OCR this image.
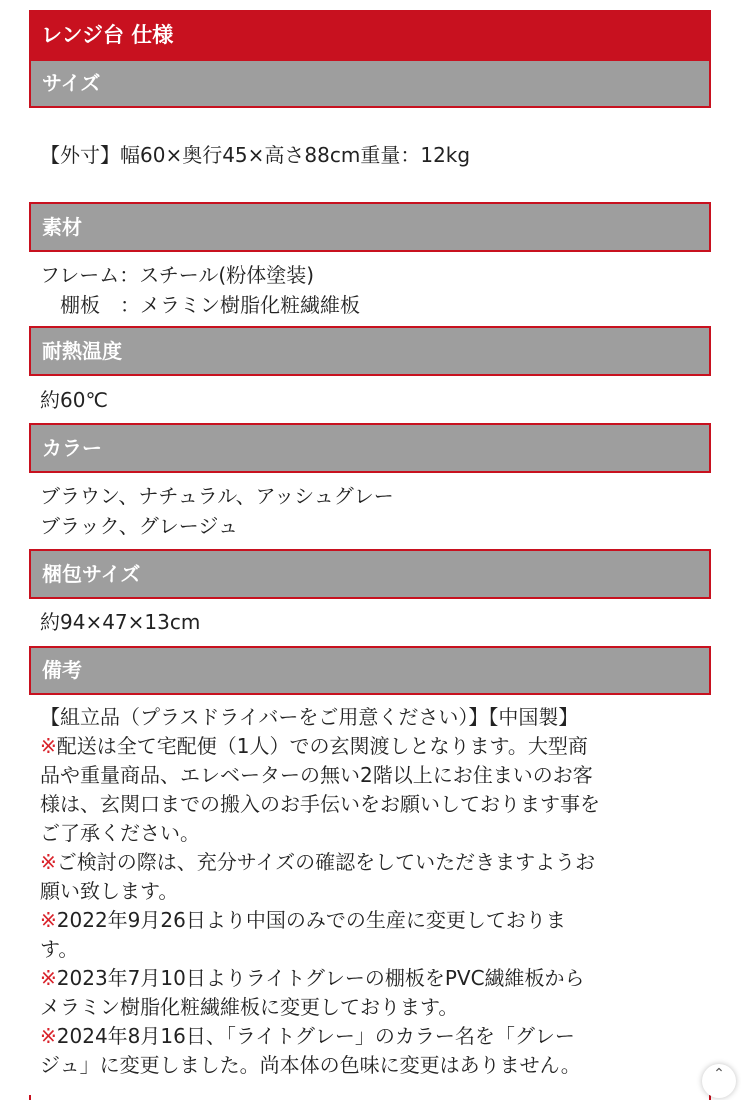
レンジ台 仕様
サイズ
【外寸】幅60×奥行45×高さ88cm重量：12kg
素材
フレーム：スチール(粉体塗装)
　棚板　：メラミン樹脂化粧繊維板
耐熱温度
約60℃
カラー
ブラウン、ナチュラル、アッシュグレー
ブラック、グレージュ
梱包サイズ
約94×47×13cm
備考
【組立品（プラスドライバーをご用意ください）】【中国製】
※配送は全て宅配便（1人）での玄関渡しとなります。大型商
品や重量商品、エレベーターの無い2階以上にお住まいのお客
様は、玄関口までの搬入のお手伝いをお願いしております事を
ご了承ください。
※ご検討の際は、充分サイズの確認をしていただきますようお
願い致します。
※2022年9月26日より中国のみでの生産に変更しておりま
す。
※2023年7月10日よりライトグレーの棚板をPVC繊維板から
メラミン樹脂化粧繊維板に変更しております。
※2024年8月16日、「ライトグレー」のカラー名を「グレー
ジュ」に変更しました。尚本体の色味に変更はありません。	⌃
